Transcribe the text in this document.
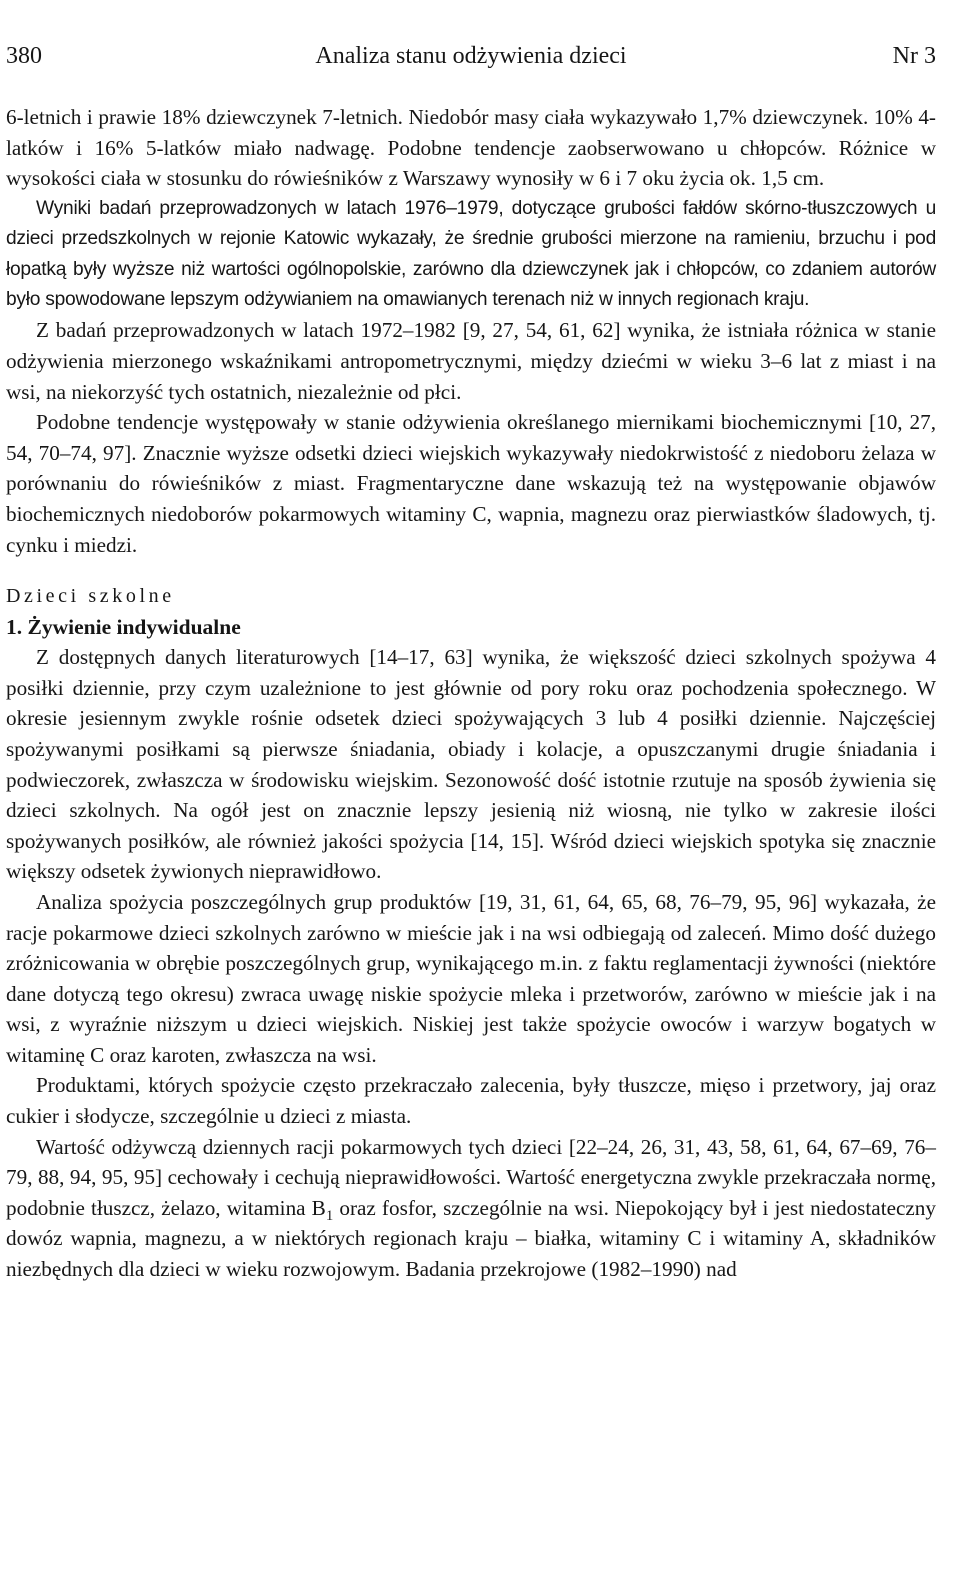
380	Analiza stanu odżywienia dzieci	Nr 3

6-letnich i prawie 18% dziewczynek 7-letnich. Niedobór masy ciała wykazywało 1,7% dziewczynek. 10% 4-latków i 16% 5-latków miało nadwagę. Podobne tendencje zaobserwowano u chłopców. Różnice w wysokości ciała w stosunku do rówieśników z Warszawy wynosiły w 6 i 7 oku życia ok. 1,5 cm.

Wyniki badań przeprowadzonych w latach 1976–1979, dotyczące grubości fałdów skórno-tłuszczowych u dzieci przedszkolnych w rejonie Katowic wykazały, że średnie grubości mierzone na ramieniu, brzuchu i pod łopatką były wyższe niż wartości ogólnopolskie, zarówno dla dziewczynek jak i chłopców, co zdaniem autorów było spowodowane lepszym odżywianiem na omawianych terenach niż w innych regionach kraju.

Z badań przeprowadzonych w latach 1972–1982 [9, 27, 54, 61, 62] wynika, że istniała różnica w stanie odżywienia mierzonego wskaźnikami antropometrycznymi, między dziećmi w wieku 3–6 lat z miast i na wsi, na niekorzyść tych ostatnich, niezależnie od płci.

Podobne tendencje występowały w stanie odżywienia określanego miernikami biochemicznymi [10, 27, 54, 70–74, 97]. Znacznie wyższe odsetki dzieci wiejskich wykazywały niedokrwistość z niedoboru żelaza w porównaniu do rówieśników z miast. Fragmentaryczne dane wskazują też na występowanie objawów biochemicznych niedoborów pokarmowych witaminy C, wapnia, magnezu oraz pierwiastków śladowych, tj. cynku i miedzi.

Dzieci szkolne
1. Żywienie indywidualne

Z dostępnych danych literaturowych [14–17, 63] wynika, że większość dzieci szkolnych spożywa 4 posiłki dziennie, przy czym uzależnione to jest głównie od pory roku oraz pochodzenia społecznego. W okresie jesiennym zwykle rośnie odsetek dzieci spożywających 3 lub 4 posiłki dziennie. Najczęściej spożywanymi posiłkami są pierwsze śniadania, obiady i kolacje, a opuszczanymi drugie śniadania i podwieczorek, zwłaszcza w środowisku wiejskim. Sezonowość dość istotnie rzutuje na sposób żywienia się dzieci szkolnych. Na ogół jest on znacznie lepszy jesienią niż wiosną, nie tylko w zakresie ilości spożywanych posiłków, ale również jakości spożycia [14, 15]. Wśród dzieci wiejskich spotyka się znacznie większy odsetek żywionych nieprawidłowo.

Analiza spożycia poszczególnych grup produktów [19, 31, 61, 64, 65, 68, 76–79, 95, 96] wykazała, że racje pokarmowe dzieci szkolnych zarówno w mieście jak i na wsi odbiegają od zaleceń. Mimo dość dużego zróżnicowania w obrębie poszczególnych grup, wynikającego m.in. z faktu reglamentacji żywności (niektóre dane dotyczą tego okresu) zwraca uwagę niskie spożycie mleka i przetworów, zarówno w mieście jak i na wsi, z wyraźnie niższym u dzieci wiejskich. Niskiej jest także spożycie owoców i warzyw bogatych w witaminę C oraz karoten, zwłaszcza na wsi.

Produktami, których spożycie często przekraczało zalecenia, były tłuszcze, mięso i przetwory, jaj oraz cukier i słodycze, szczególnie u dzieci z miasta.

Wartość odżywczą dziennych racji pokarmowych tych dzieci [22–24, 26, 31, 43, 58, 61, 64, 67–69, 76–79, 88, 94, 95, 95] cechowały i cechują nieprawidłowości. Wartość energetyczna zwykle przekraczała normę, podobnie tłuszcz, żelazo, witamina $B_1$ oraz fosfor, szczególnie na wsi. Niepokojący był i jest niedostateczny dowóz wapnia, magnezu, a w niektórych regionach kraju – białka, witaminy C i witaminy A, składników niezbędnych dla dzieci w wieku rozwojowym. Badania przekrojowe (1982–1990) nad
